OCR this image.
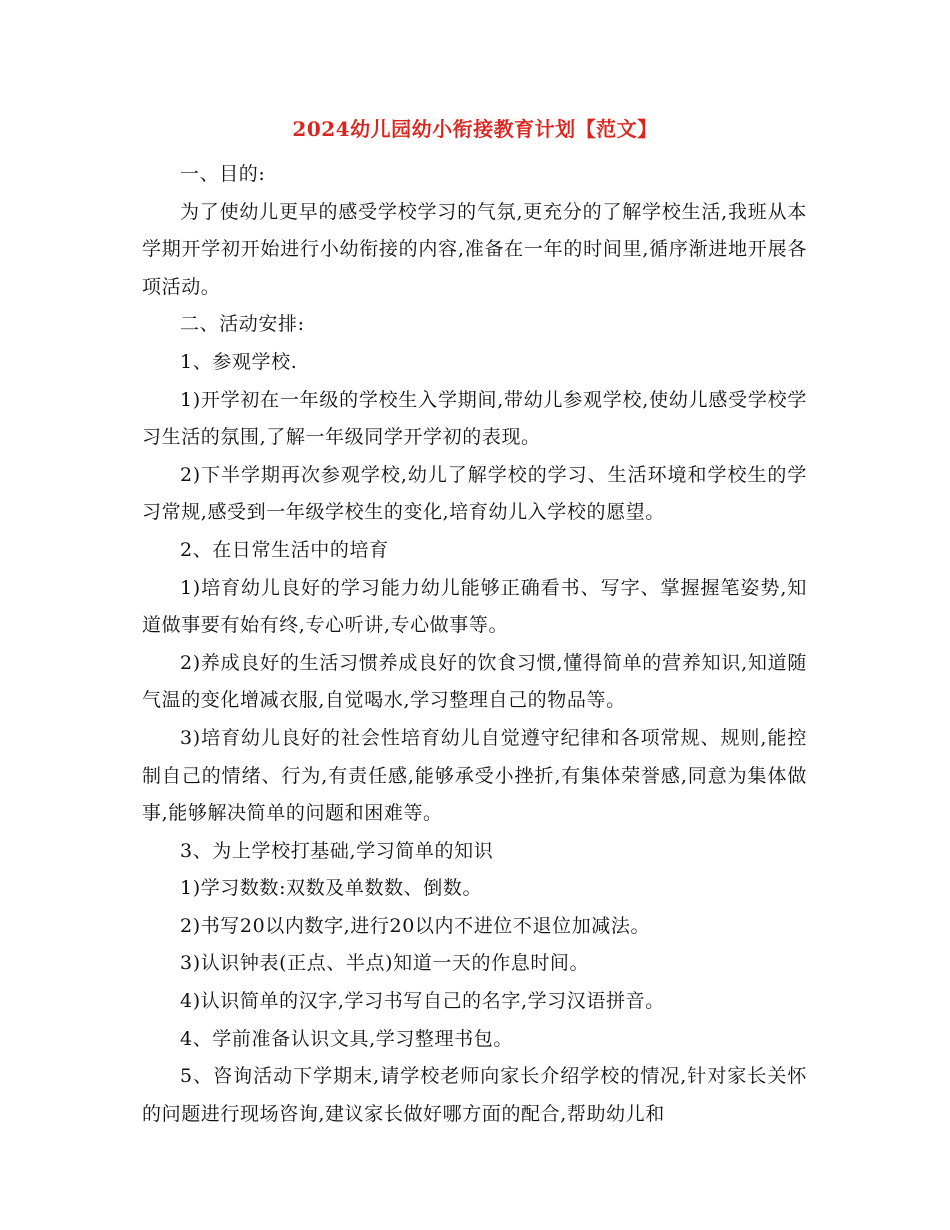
2024幼儿园幼小衔接教育计划【范文】

一、目的:

为了使幼儿更早的感受学校学习的气氛,更充分的了解学校生活,我班从本学期开学初开始进行小幼衔接的内容,准备在一年的时间里,循序渐进地开展各项活动。

二、活动安排:

1、参观学校.

1)开学初在一年级的学校生入学期间,带幼儿参观学校,使幼儿感受学校学习生活的氛围,了解一年级同学开学初的表现。

2)下半学期再次参观学校,幼儿了解学校的学习、生活环境和学校生的学习常规,感受到一年级学校生的变化,培育幼儿入学校的愿望。

2、在日常生活中的培育

1)培育幼儿良好的学习能力幼儿能够正确看书、写字、掌握握笔姿势,知道做事要有始有终,专心听讲,专心做事等。

2)养成良好的生活习惯养成良好的饮食习惯,懂得简单的营养知识,知道随气温的变化增减衣服,自觉喝水,学习整理自己的物品等。

3)培育幼儿良好的社会性培育幼儿自觉遵守纪律和各项常规、规则,能控制自己的情绪、行为,有责任感,能够承受小挫折,有集体荣誉感,同意为集体做事,能够解决简单的问题和困难等。

3、为上学校打基础,学习简单的知识

1)学习数数:双数及单数数、倒数。

2)书写20以内数字,进行20以内不进位不退位加减法。

3)认识钟表(正点、半点)知道一天的作息时间。

4)认识简单的汉字,学习书写自己的名字,学习汉语拼音。

4、学前准备认识文具,学习整理书包。

5、咨询活动下学期末,请学校老师向家长介绍学校的情况,针对家长关怀的问题进行现场咨询,建议家长做好哪方面的配合,帮助幼儿和
